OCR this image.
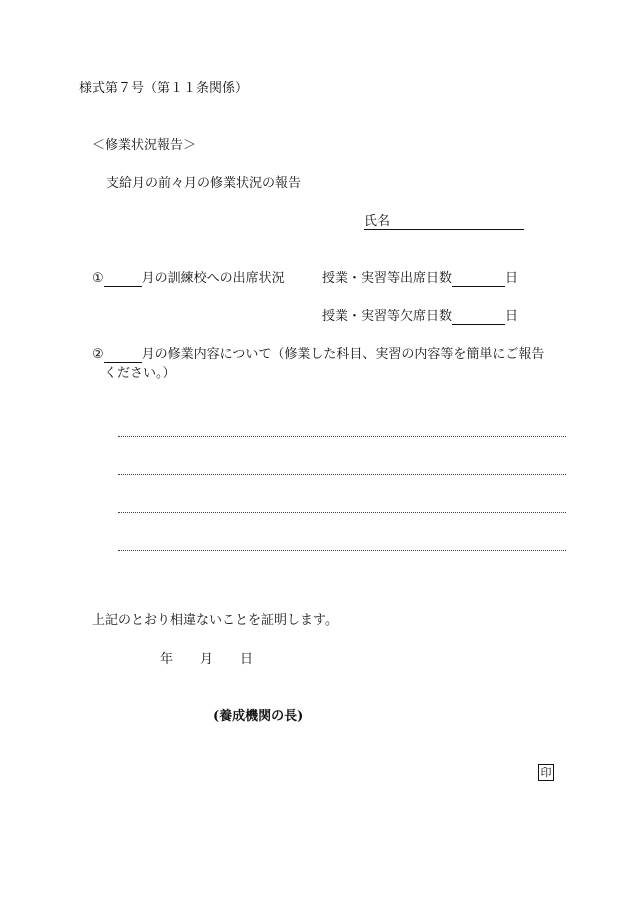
様式第７号（第１１条関係）
＜修業状況報告＞
支給月の前々月の修業状況の報告
氏名
①	月の訓練校への出席状況	授業・実習等出席日数	日
授業・実習等欠席日数	日
②	月の修業内容について（修業した科目、実習の内容等を簡単にご報告
ください。）
上記のとおり相違ないことを証明します。
年 月 日
(養成機関の長)
印
